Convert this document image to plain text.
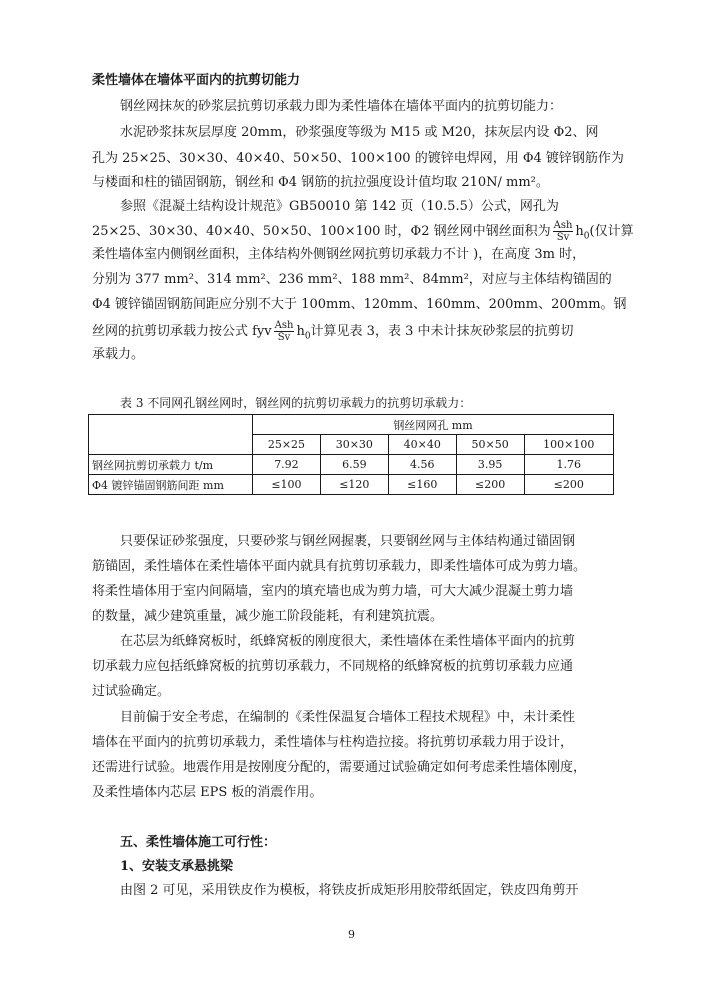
柔性墙体在墙体平面内的抗剪切能力
钢丝网抹灰的砂浆层抗剪切承载力即为柔性墙体在墙体平面内的抗剪切能力：
水泥砂浆抹灰层厚度 20mm，砂浆强度等级为 M15 或 M20，抹灰层内设 Φ2、网
孔为 25×25、30×30、40×40、50×50、100×100 的镀锌电焊网，用 Φ4 镀锌钢筋作为
与楼面和柱的锚固钢筋，钢丝和 Φ4 钢筋的抗拉强度设计值均取 210N/ mm²。
参照《混凝土结构设计规范》GB50010 第 142 页（10.5.5）公式，网孔为
25×25、30×30、40×40、50×50、100×100 时，Φ2 钢丝网中钢丝面积为 $\frac{\text{Ash}}{Sv} h_0$(仅计算
柔性墙体室内侧钢丝面积，主体结构外侧钢丝网抗剪切承载力不计 )，在高度 3m 时，
分别为 377 mm²、314 mm²、236 mm²、188 mm²、84mm²，对应与主体结构锚固的
Φ4 镀锌锚固钢筋间距应分别不大于 100mm、120mm、160mm、200mm、200mm。钢
丝网的抗剪切承载力按公式 fyv $\frac{\text{Ash}}{Sv} h_0$计算见表 3，表 3 中未计抹灰砂浆层的抗剪切
承载力。
表 3 不同网孔钢丝网时，钢丝网的抗剪切承载力的抗剪切承载力：
	钢丝网网孔 mm				
	25×25	30×30	40×40	50×50	100×100
钢丝网抗剪切承载力 t/m	7.92	6.59	4.56	3.95	1.76
Φ4 镀锌锚固钢筋间距 mm	≤100	≤120	≤160	≤200	≤200
只要保证砂浆强度，只要砂浆与钢丝网握裹，只要钢丝网与主体结构通过锚固钢
筋锚固，柔性墙体在柔性墙体平面内就具有抗剪切承载力，即柔性墙体可成为剪力墙。
将柔性墙体用于室内间隔墙，室内的填充墙也成为剪力墙，可大大减少混凝土剪力墙
的数量，减少建筑重量，减少施工阶段能耗，有利建筑抗震。
在芯层为纸蜂窝板时，纸蜂窝板的刚度很大，柔性墙体在柔性墙体平面内的抗剪
切承载力应包括纸蜂窝板的抗剪切承载力，不同规格的纸蜂窝板的抗剪切承载力应通
过试验确定。
目前偏于安全考虑，在编制的《柔性保温复合墙体工程技术规程》中，未计柔性
墙体在平面内的抗剪切承载力，柔性墙体与柱构造拉接。将抗剪切承载力用于设计，
还需进行试验。地震作用是按刚度分配的，需要通过试验确定如何考虑柔性墙体刚度，
及柔性墙体内芯层 EPS 板的消震作用。
五、柔性墙体施工可行性：
1、安装支承悬挑梁
由图 2 可见，采用铁皮作为模板，将铁皮折成矩形用胶带纸固定，铁皮四角剪开
9
